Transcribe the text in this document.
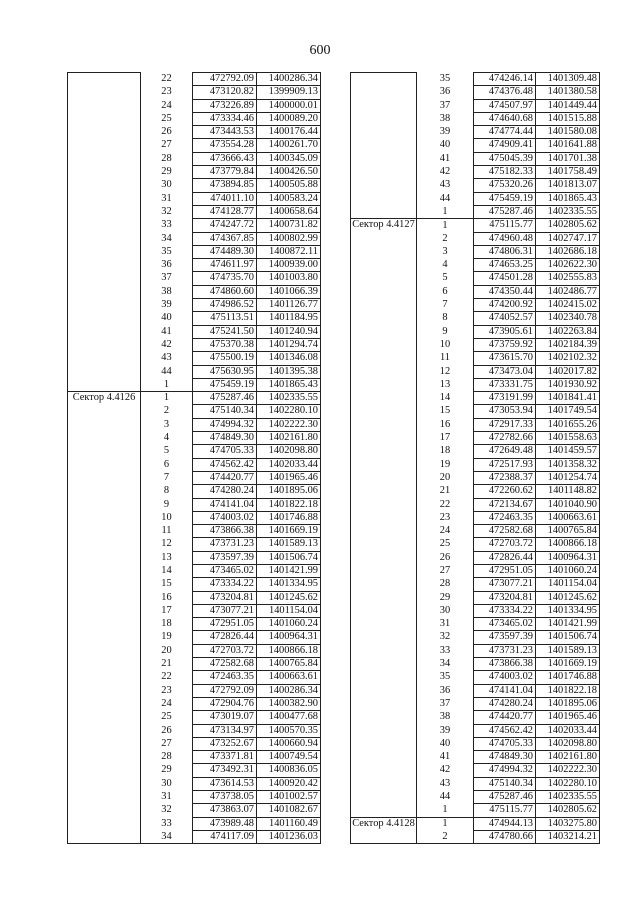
600
	22	472792.09	1400286.34
	23	473120.82	1399909.13
	24	473226.89	1400000.01
	25	473334.46	1400089.20
	26	473443.53	1400176.44
	27	473554.28	1400261.70
	28	473666.43	1400345.09
	29	473779.84	1400426.50
	30	473894.85	1400505.88
	31	474011.10	1400583.24
	32	474128.77	1400658.64
	33	474247.72	1400731.82
	34	474367.85	1400802.99
	35	474489.30	1400872.11
	36	474611.97	1400939.00
	37	474735.70	1401003.80
	38	474860.60	1401066.39
	39	474986.52	1401126.77
	40	475113.51	1401184.95
	41	475241.50	1401240.94
	42	475370.38	1401294.74
	43	475500.19	1401346.08
	44	475630.95	1401395.38
	1	475459.19	1401865.43

Сектор 4.4126	1	475287.46	1402335.55
	2	475140.34	1402280.10
	3	474994.32	1402222.30
	4	474849.30	1402161.80
	5	474705.33	1402098.80
	6	474562.42	1402033.44
	7	474420.77	1401965.46
	8	474280.24	1401895.06
	9	474141.04	1401822.18
	10	474003.02	1401746.88
	11	473866.38	1401669.19
	12	473731.23	1401589.13
	13	473597.39	1401506.74
	14	473465.02	1401421.99
	15	473334.22	1401334.95
	16	473204.81	1401245.62
	17	473077.21	1401154.04
	18	472951.05	1401060.24
	19	472826.44	1400964.31
	20	472703.72	1400866.18
	21	472582.68	1400765.84
	22	472463.35	1400663.61
	23	472792.09	1400286.34
	24	472904.76	1400382.90
	25	473019.07	1400477.68
	26	473134.97	1400570.35
	27	473252.67	1400660.94
	28	473371.81	1400749.54
	29	473492.31	1400836.05
	30	473614.53	1400920.42
	31	473738.05	1401002.57
	32	473863.07	1401082.67
	33	473989.48	1401160.49
	34	474117.09	1401236.03
	35	474246.14	1401309.48
	36	474376.48	1401380.58
	37	474507.97	1401449.44
	38	474640.68	1401515.88
	39	474774.44	1401580.08
	40	474909.41	1401641.88
	41	475045.39	1401701.38
	42	475182.33	1401758.49
	43	475320.26	1401813.07
	44	475459.19	1401865.43
	1	475287.46	1402335.55

Сектор 4.4127	1	475115.77	1402805.62
	2	474960.48	1402747.17
	3	474806.31	1402686.18
	4	474653.25	1402622.30
	5	474501.28	1402555.83
	6	474350.44	1402486.77
	7	474200.92	1402415.02
	8	474052.57	1402340.78
	9	473905.61	1402263.84
	10	473759.92	1402184.39
	11	473615.70	1402102.32
	12	473473.04	1402017.82
	13	473331.75	1401930.92
	14	473191.99	1401841.41
	15	473053.94	1401749.54
	16	472917.33	1401655.26
	17	472782.66	1401558.63
	18	472649.48	1401459.57
	19	472517.93	1401358.32
	20	472388.37	1401254.74
	21	472260.62	1401148.82
	22	472134.67	1401040.90
	23	472463.35	1400663.61
	24	472582.68	1400765.84
	25	472703.72	1400866.18
	26	472826.44	1400964.31
	27	472951.05	1401060.24
	28	473077.21	1401154.04
	29	473204.81	1401245.62
	30	473334.22	1401334.95
	31	473465.02	1401421.99
	32	473597.39	1401506.74
	33	473731.23	1401589.13
	34	473866.38	1401669.19
	35	474003.02	1401746.88
	36	474141.04	1401822.18
	37	474280.24	1401895.06
	38	474420.77	1401965.46
	39	474562.42	1402033.44
	40	474705.33	1402098.80
	41	474849.30	1402161.80
	42	474994.32	1402222.30
	43	475140.34	1402280.10
	44	475287.46	1402335.55
	1	475115.77	1402805.62

Сектор 4.4128	1	474944.13	1403275.80
	2	474780.66	1403214.21
